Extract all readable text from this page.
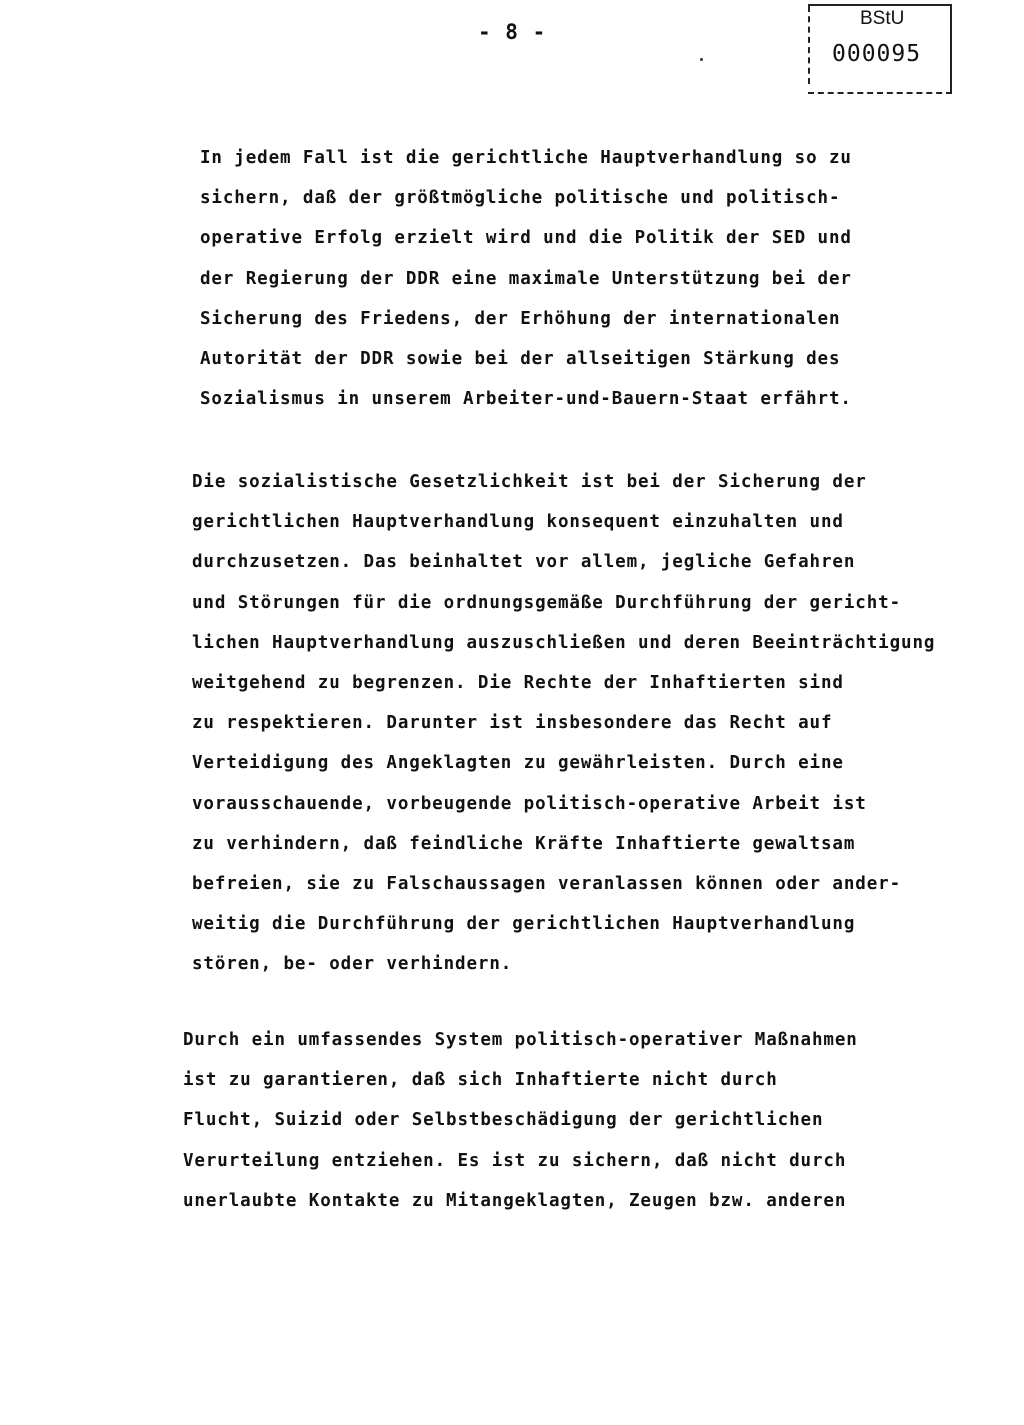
- 8 -
BStU
000095
In jedem Fall ist die gerichtliche Hauptverhandlung so zu
sichern, daß der größtmögliche politische und politisch-
operative Erfolg erzielt wird und die Politik der SED und
der Regierung der DDR eine maximale Unterstützung bei der
Sicherung des Friedens, der Erhöhung der internationalen
Autorität der DDR sowie bei der allseitigen Stärkung des
Sozialismus in unserem Arbeiter-und-Bauern-Staat erfährt.
Die sozialistische Gesetzlichkeit ist bei der Sicherung der
gerichtlichen Hauptverhandlung konsequent einzuhalten und
durchzusetzen. Das beinhaltet vor allem, jegliche Gefahren
und Störungen für die ordnungsgemäße Durchführung der gericht-
lichen Hauptverhandlung auszuschließen und deren Beeinträchtigung
weitgehend zu begrenzen. Die Rechte der Inhaftierten sind
zu respektieren. Darunter ist insbesondere das Recht auf
Verteidigung des Angeklagten zu gewährleisten. Durch eine
vorausschauende, vorbeugende politisch-operative Arbeit ist
zu verhindern, daß feindliche Kräfte Inhaftierte gewaltsam
befreien, sie zu Falschaussagen veranlassen können oder ander-
weitig die Durchführung der gerichtlichen Hauptverhandlung
stören, be- oder verhindern.
Durch ein umfassendes System politisch-operativer Maßnahmen
ist zu garantieren, daß sich Inhaftierte nicht durch
Flucht, Suizid oder Selbstbeschädigung der gerichtlichen
Verurteilung entziehen. Es ist zu sichern, daß nicht durch
unerlaubte Kontakte zu Mitangeklagten, Zeugen bzw. anderen
